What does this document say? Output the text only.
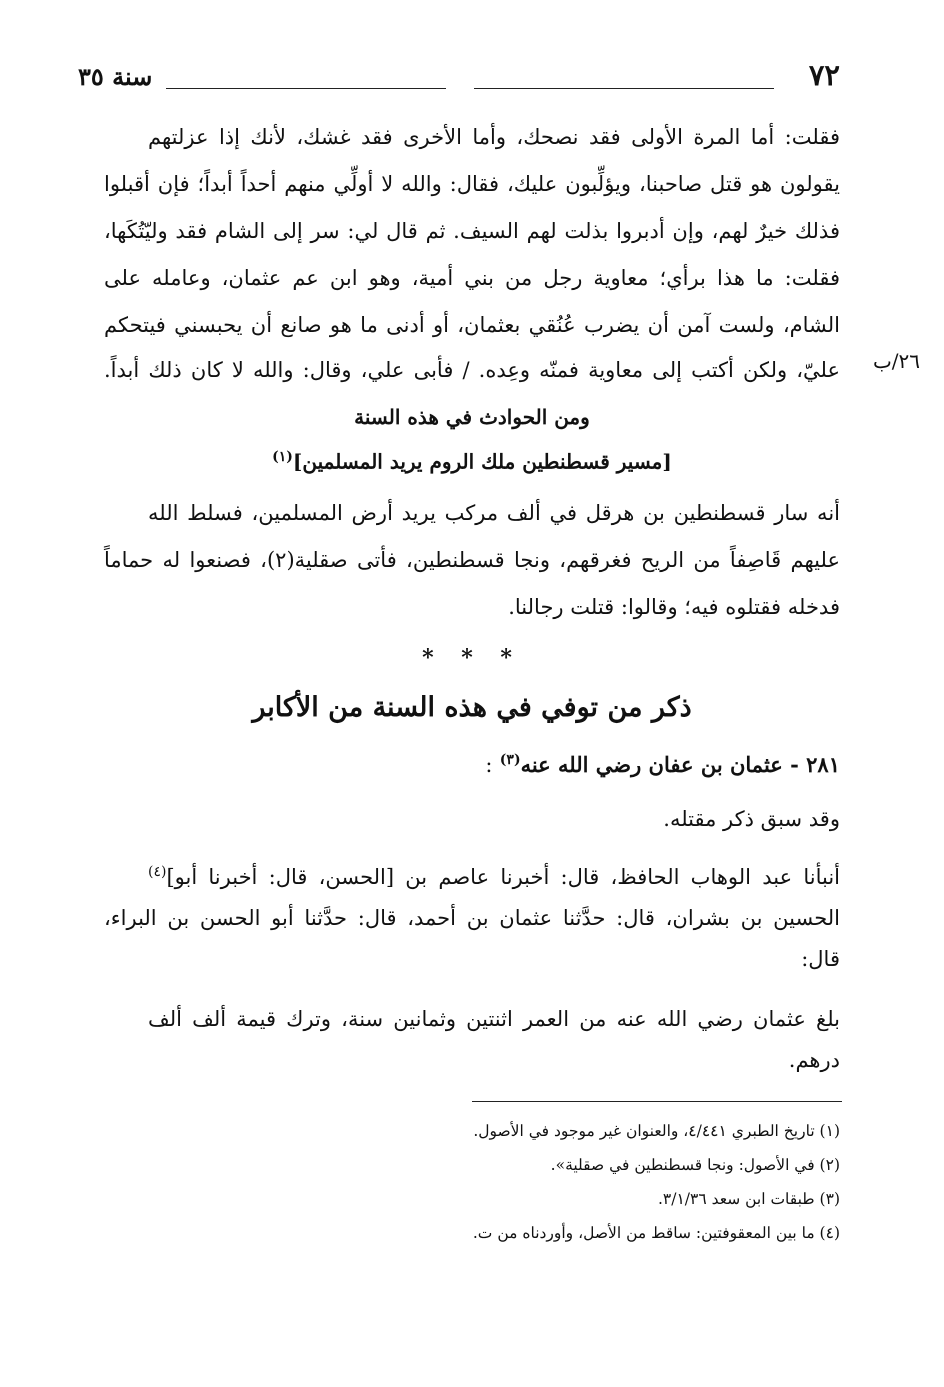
٧٢
سنة ٣٥
فقلت: أما المرة الأولى فقد نصحك، وأما الأخرى فقد غشك، لأنك إذا عزلتهم
يقولون هو قتل صاحبنا، ويؤلِّبون عليك، فقال: والله لا أولِّي منهم أحداً أبداً؛ فإن أقبلوا
فذلك خيرٌ لهم، وإن أدبروا بذلت لهم السيف. ثم قال لي: سر إلى الشام فقد وليّتُكَها،
فقلت: ما هذا برأي؛ معاوية رجل من بني أمية، وهو ابن عم عثمان، وعامله على
الشام، ولست آمن أن يضرب عُنُقي بعثمان، أو أدنى ما هو صانع أن يحبسني فيتحكم
عليّ، ولكن أكتب إلى معاوية فمنّه وعِده. / فأبى علي، وقال: والله لا كان ذلك أبداً. ٢٦/ب
ومن الحوادث في هذه السنة
[مسير قسطنطين ملك الروم يريد المسلمين]$^{(١)}$
أنه سار قسطنطين بن هرقل في ألف مركب يريد أرض المسلمين، فسلط الله
عليهم قَاصِفاً من الريح فغرقهم، ونجا قسطنطين، فأتى صقلية(٢)، فصنعوا له حماماً
فدخله فقتلوه فيه؛ وقالوا: قتلت رجالنا.
* * *
ذكر من توفي في هذه السنة من الأكابر
٢٨١ - عثمان بن عفان رضي الله عنه$^{(٣)}$ :
وقد سبق ذكر مقتله.
أنبأنا عبد الوهاب الحافظ، قال: أخبرنا عاصم بن [الحسن، قال: أخبرنا أبو]$^{(٤)}$
الحسين بن بشران، قال: حدَّثنا عثمان بن أحمد، قال: حدَّثنا أبو الحسن بن البراء،
قال:
بلغ عثمان رضي الله عنه من العمر اثنتين وثمانين سنة، وترك قيمة ألف ألف
درهم.
(١) تاريخ الطبري ٤/٤٤١، والعنوان غير موجود في الأصول.
(٢) في الأصول: ونجا قسطنطين في صقلية».
(٣) طبقات ابن سعد ٣/١/٣٦.
(٤) ما بين المعقوفتين: ساقط من الأصل، وأوردناه من ت.
